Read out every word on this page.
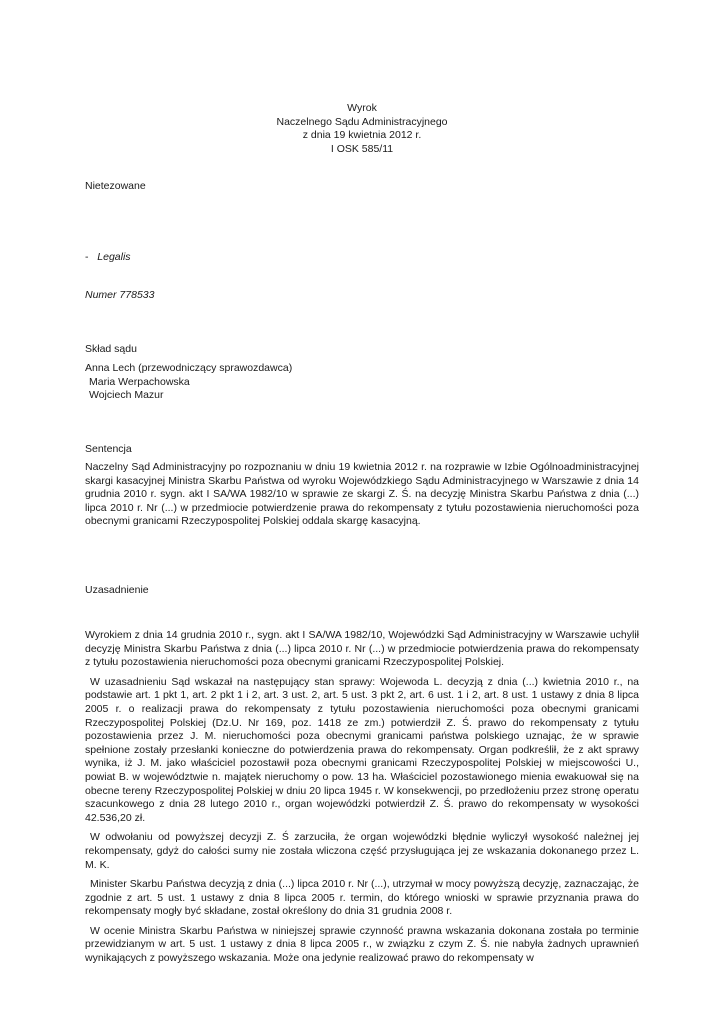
Wyrok

Naczelnego Sądu Administracyjnego

z dnia 19 kwietnia 2012 r.

I OSK 585/11

Nietezowane

- Legalis

Numer 778533

Skład sądu

Anna Lech (przewodniczący sprawozdawca)

Maria Werpachowska

Wojciech Mazur

Sentencja

Naczelny Sąd Administracyjny po rozpoznaniu w dniu 19 kwietnia 2012 r. na rozprawie w Izbie Ogólnoadministracyjnej skargi kasacyjnej Ministra Skarbu Państwa od wyroku Wojewódzkiego Sądu Administracyjnego w Warszawie z dnia 14 grudnia 2010 r. sygn. akt I SA/WA 1982/10 w sprawie ze skargi Z. Ś. na decyzję Ministra Skarbu Państwa z dnia (...) lipca 2010 r. Nr (...) w przedmiocie potwierdzenie prawa do rekompensaty z tytułu pozostawienia nieruchomości poza obecnymi granicami Rzeczypospolitej Polskiej oddala skargę kasacyjną.

Uzasadnienie

Wyrokiem z dnia 14 grudnia 2010 r., sygn. akt I SA/WA 1982/10, Wojewódzki Sąd Administracyjny w Warszawie uchylił decyzję Ministra Skarbu Państwa z dnia (...) lipca 2010 r. Nr (...) w przedmiocie potwierdzenia prawa do rekompensaty z tytułu pozostawienia nieruchomości poza obecnymi granicami Rzeczypospolitej Polskiej.

W uzasadnieniu Sąd wskazał na następujący stan sprawy: Wojewoda L. decyzją z dnia (...) kwietnia 2010 r., na podstawie art. 1 pkt 1, art. 2 pkt 1 i 2, art. 3 ust. 2, art. 5 ust. 3 pkt 2, art. 6 ust. 1 i 2, art. 8 ust. 1 ustawy z dnia 8 lipca 2005 r. o realizacji prawa do rekompensaty z tytułu pozostawienia nieruchomości poza obecnymi granicami Rzeczypospolitej Polskiej (Dz.U. Nr 169, poz. 1418 ze zm.) potwierdził Z. Ś. prawo do rekompensaty z tytułu pozostawienia przez J. M. nieruchomości poza obecnymi granicami państwa polskiego uznając, że w sprawie spełnione zostały przesłanki konieczne do potwierdzenia prawa do rekompensaty. Organ podkreślił, że z akt sprawy wynika, iż J. M. jako właściciel pozostawił poza obecnymi granicami Rzeczypospolitej Polskiej w miejscowości U., powiat B. w województwie n. majątek nieruchomy o pow. 13 ha. Właściciel pozostawionego mienia ewakuował się na obecne tereny Rzeczypospolitej Polskiej w dniu 20 lipca 1945 r. W konsekwencji, po przedłożeniu przez stronę operatu szacunkowego z dnia 28 lutego 2010 r., organ wojewódzki potwierdził Z. Ś. prawo do rekompensaty w wysokości 42.536,20 zł.

W odwołaniu od powyższej decyzji Z. Ś zarzuciła, że organ wojewódzki błędnie wyliczył wysokość należnej jej rekompensaty, gdyż do całości sumy nie została wliczona część przysługująca jej ze wskazania dokonanego przez L. M. K.

Minister Skarbu Państwa decyzją z dnia (...) lipca 2010 r. Nr (...), utrzymał w mocy powyższą decyzję, zaznaczając, że zgodnie z art. 5 ust. 1 ustawy z dnia 8 lipca 2005 r. termin, do którego wnioski w sprawie przyznania prawa do rekompensaty mogły być składane, został określony do dnia 31 grudnia 2008 r.

W ocenie Ministra Skarbu Państwa w niniejszej sprawie czynność prawna wskazania dokonana została po terminie przewidzianym w art. 5 ust. 1 ustawy z dnia 8 lipca 2005 r., w związku z czym Z. Ś. nie nabyła żadnych uprawnień wynikających z powyższego wskazania. Może ona jedynie realizować prawo do rekompensaty w
